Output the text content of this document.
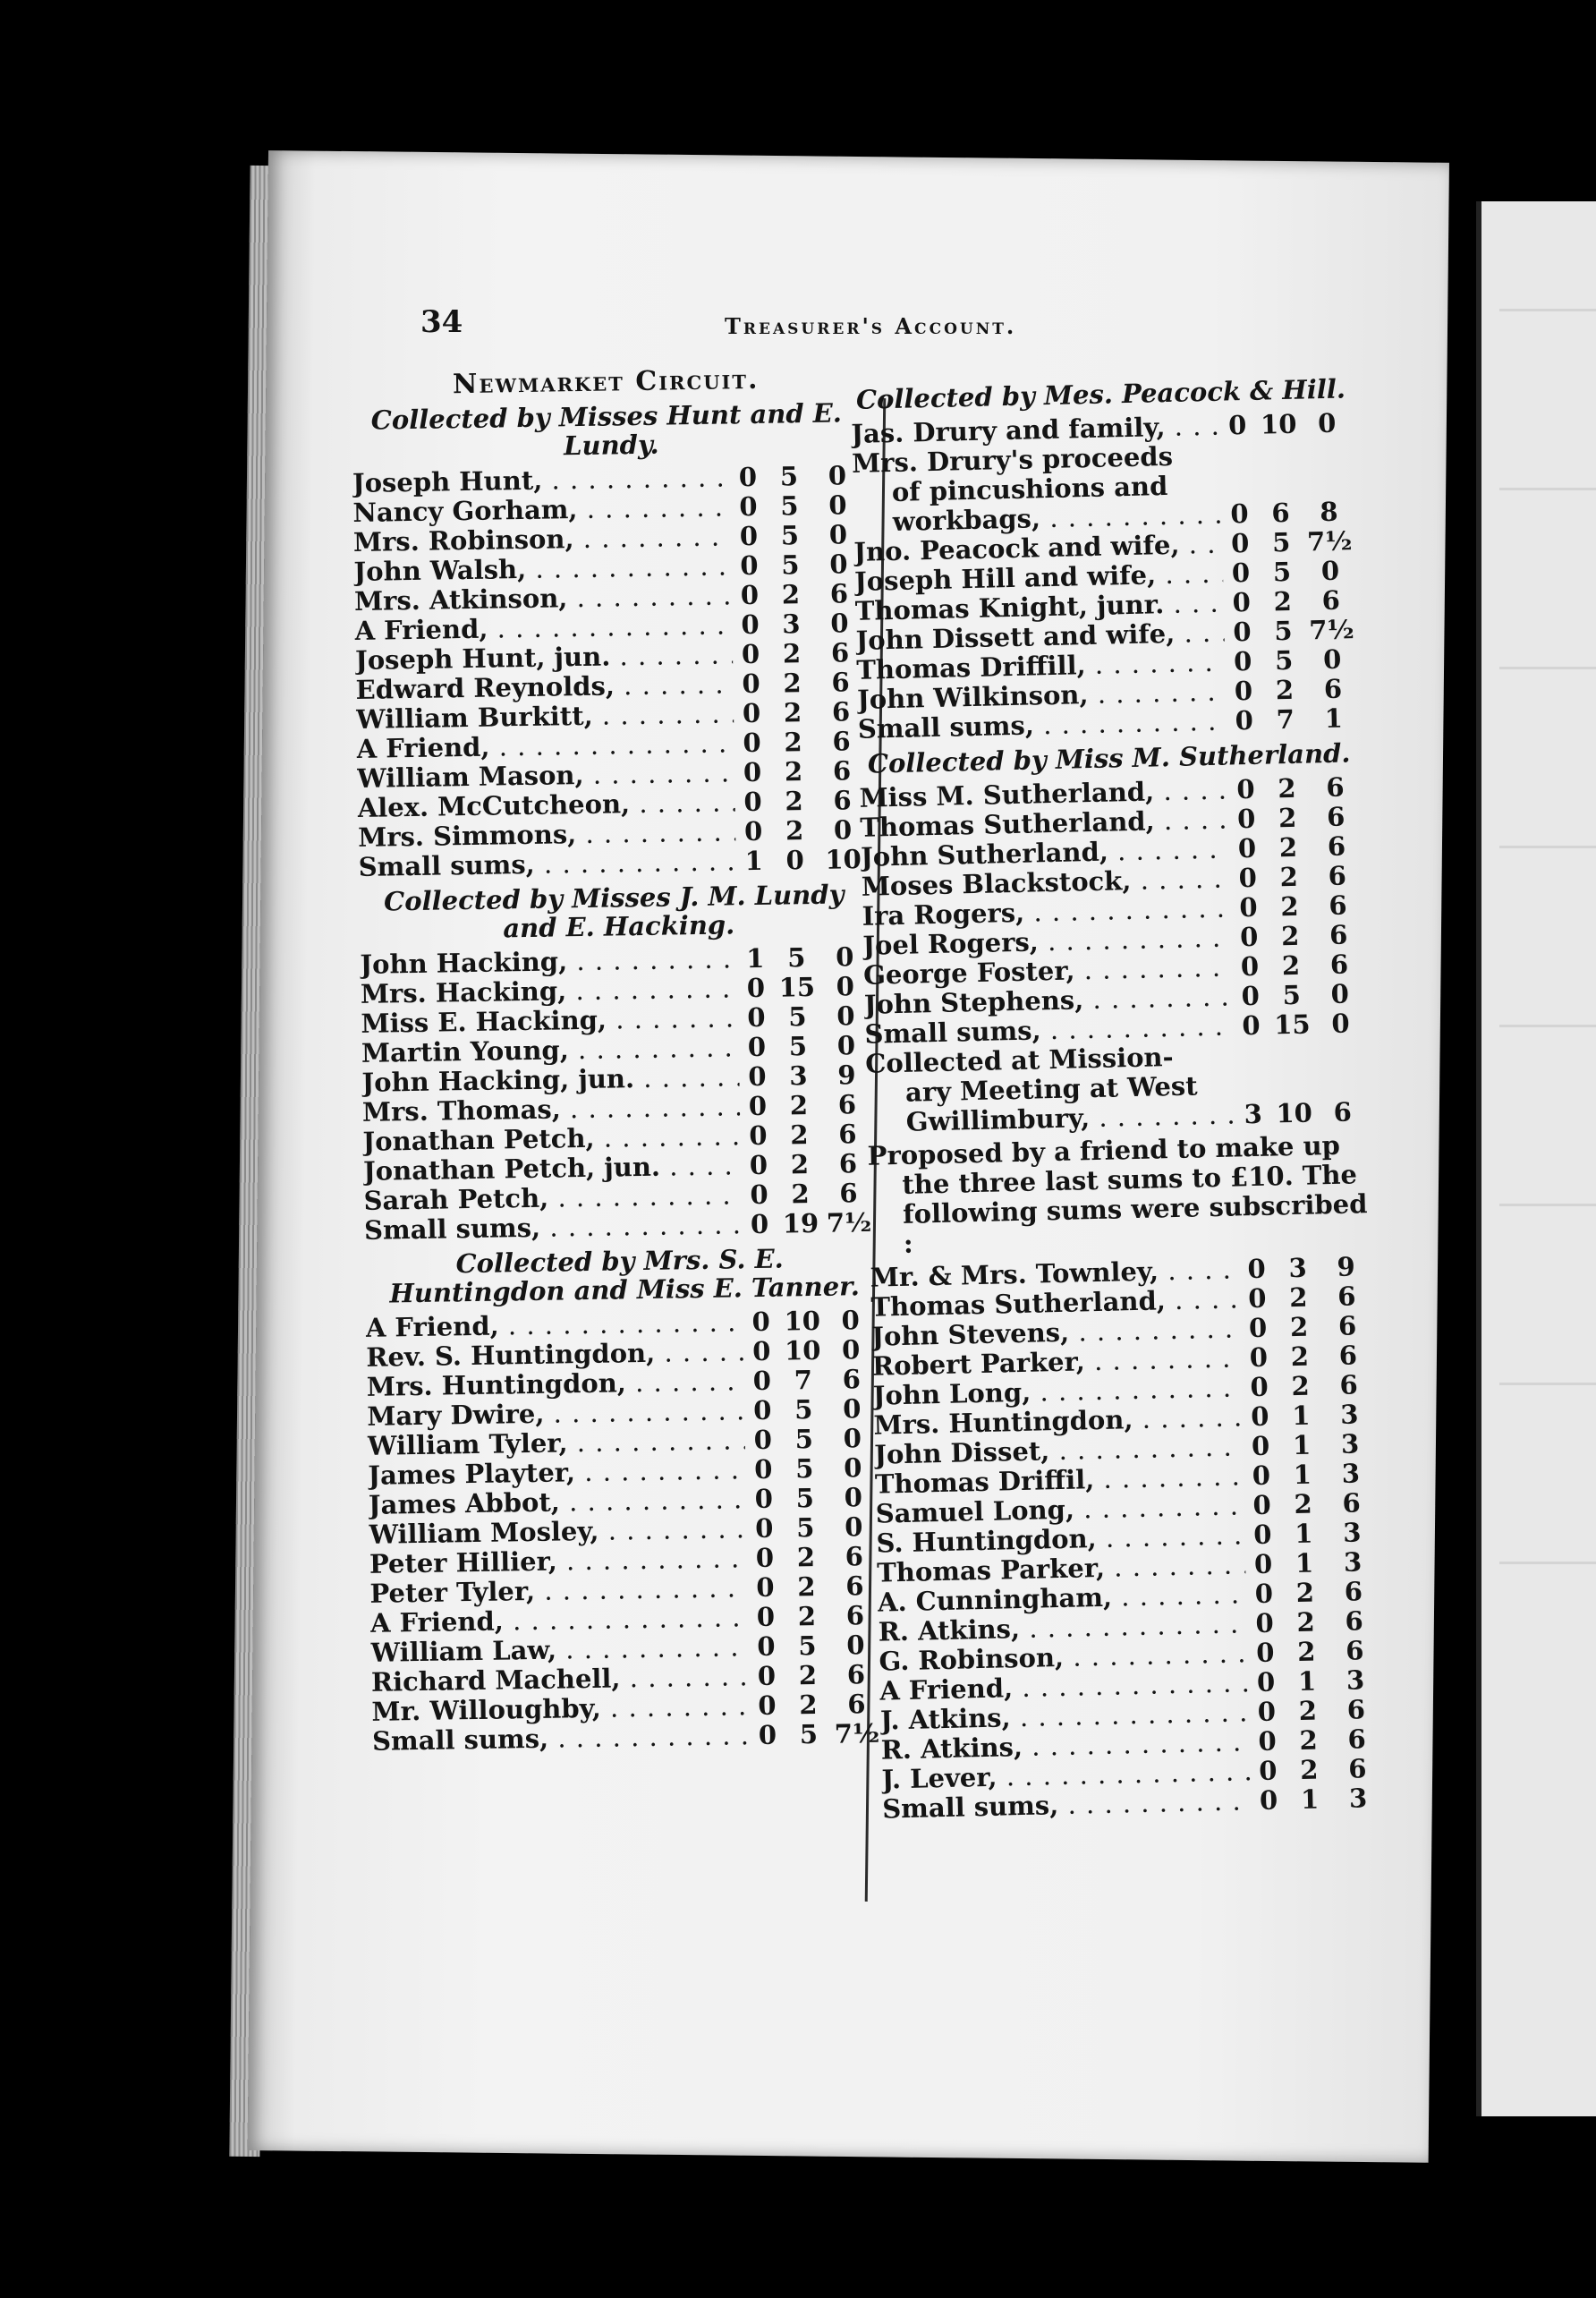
34	Treasurer's Account.
Newmarket Circuit.
Collected by Misses Hunt and E. Lundy.
Joseph Hunt, . . .	0 5	0
Nancy Gorham, . . .	0 5	0
Mrs. Robinson, . . .	0 5	0
John Walsh, . . .	0 5	0
Mrs. Atkinson, . . .	0 2	6
A Friend, . . .	0 3	0
Joseph Hunt, jun. . . .	0 2	6
Edward Reynolds, . . .	0 2	6
William Burkitt, . . .	0 2	6
A Friend, . . .	0 2	6
William Mason, . . .	0 2	6
Alex. McCutcheon, . . .	0 2	6
Mrs. Simmons, . . .	0 2	0
Small sums, . . .	1 0 10
Collected by Misses J. M. Lundy and E. Hacking.
John Hacking, . . .	1 5	0
Mrs. Hacking, . . .	0 15 0
Miss E. Hacking, . . .	0 5	0
Martin Young, . . .	0 5	0
John Hacking, jun. . . .	0 3	9
Mrs. Thomas, . . .	0 2	6
Jonathan Petch, . . .	0 2	6
Jonathan Petch, jun. . . .	0 2	6
Sarah Petch, . . .	0 2	6
Small sums, . . .	0 19 7½
Collected by Mrs. S. E. Huntingdon and Miss E. Tanner.
A Friend, . . .	0 10 0
Rev. S. Huntingdon, . . .	0 10 0
Mrs. Huntingdon, . . .	0 7	6
Mary Dwire, . . .	0 5	0
William Tyler, . . .	0 5	0
James Playter, . . .	0 5	0
James Abbot, . . .	0 5	0
William Mosley, . . .	0 5	0
Peter Hillier, . . .	0 2	6
Peter Tyler, . . .	0 2	6
A Friend, . . .	0 2	6
William Law, . . .	0 5	0
Richard Machell, . . .	0 2	6
Mr. Willoughby, . . .	0 2	6
Small sums, . . .	0 5 7½
Collected by Mes. Peacock & Hill.
Jas. Drury and family, . . .	0 10 0
Mrs. Drury's proceeds
of pincushions and
workbags, . . .	0 6	8
Jno. Peacock and wife, . . .	0 5 7½
Joseph Hill and wife, . . .	0 5	0
Thomas Knight, junr. . . .	0 2	6
John Dissett and wife, . . .	0 5 7½
Thomas Driffill, . . .	0 5	0
John Wilkinson, . . .	0 2	6
Small sums, . . .	0 7	1
Collected by Miss M. Sutherland.
Miss M. Sutherland, . . .	0 2	6
Thomas Sutherland, . . .	0 2	6
John Sutherland, . . .	0 2	6
Moses Blackstock, . . .	0 2	6
Ira Rogers, . . .	0 2	6
Joel Rogers, . . .	0 2	6
George Foster, . . .	0 2	6
John Stephens, . . .	0 5	0
Small sums, . . .	0 15 0
Collected at Mission-
ary Meeting at West
Gwillimbury, . . .	3 10 6
Proposed by a friend to make up the three last sums to £10. The following sums were subscribed :
Mr. & Mrs. Townley, . . .	0 3	9
Thomas Sutherland, . . .	0 2	6
John Stevens, . . .	0 2	6
Robert Parker, . . .	0 2	6
John Long, . . .	0 2	6
Mrs. Huntingdon, . . .	0 1	3
John Disset, . . .	0 1	3
Thomas Driffil, . . .	0 1	3
Samuel Long, . . .	0 2	6
S. Huntingdon, . . .	0 1	3
Thomas Parker, . . .	0 1	3
A. Cunningham, . . .	0 2	6
R. Atkins, . . .	0 2	6
G. Robinson, . . .	0 2	6
A Friend, . . .	0 1	3
J. Atkins, . . .	0 2	6
R. Atkins, . . .	0 2	6
J. Lever, . . .	0 2	6
Small sums, . . .	0 1	3
